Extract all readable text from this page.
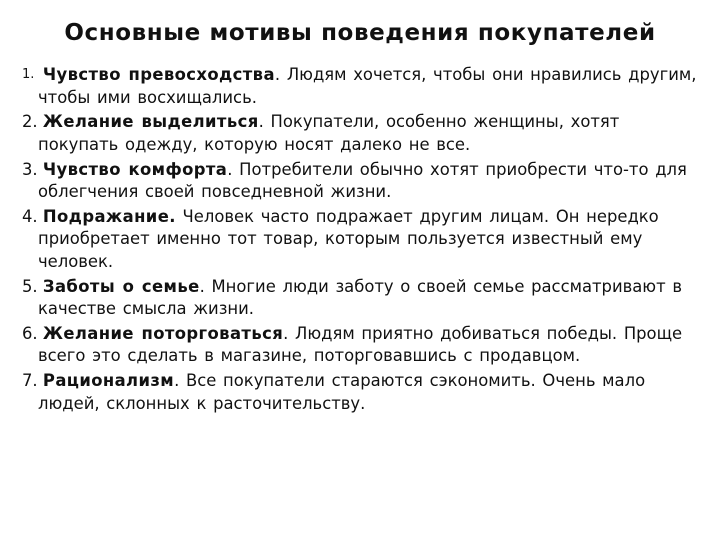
Основные мотивы поведения покупателей
1. Чувство превосходства. Людям хочется, чтобы они нравились другим, чтобы ими восхищались.
2. Желание выделиться. Покупатели, особенно женщины, хотят покупать одежду, которую носят далеко не все.
3. Чувство комфорта. Потребители обычно хотят приобрести что-то для облегчения своей повседневной жизни.
4. Подражание. Человек часто подражает другим лицам. Он нередко приобретает именно тот товар, которым пользуется известный ему человек.
5. Заботы о семье. Многие люди заботу о своей семье рассматривают в качестве смысла жизни.
6. Желание поторговаться. Людям приятно добиваться победы. Проще всего это сделать в магазине, поторговавшись с продавцом.
7. Рационализм. Все покупатели стараются сэкономить. Очень мало людей, склонных к расточительству.
